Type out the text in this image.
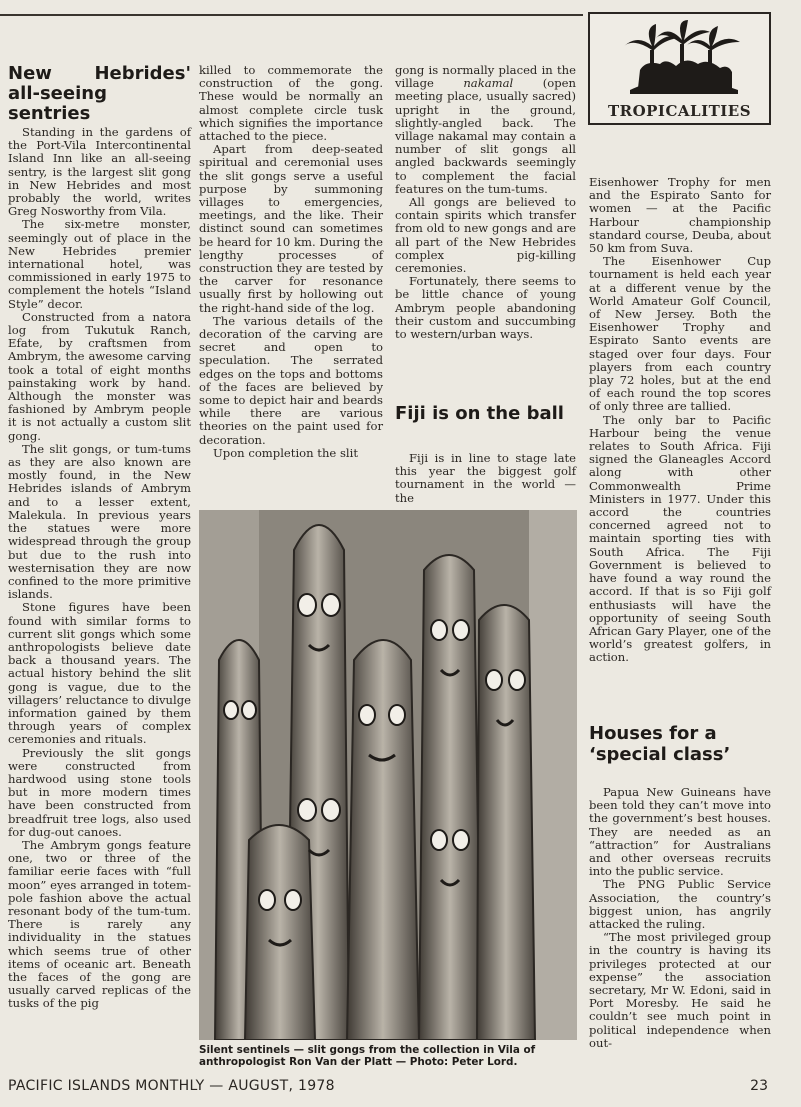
New Hebrides' all-seeing sentries

Standing in the gardens of the Port-Vila Intercontinental Island Inn like an all-seeing sentry, is the largest slit gong in New Hebrides and most probably the world, writes Greg Nosworthy from Vila.

The six-metre monster, seemingly out of place in the New Hebrides premier international hotel, was commissioned in early 1975 to complement the hotels “Island Style” decor.

Constructed from a natora log from Tukutuk Ranch, Efate, by craftsmen from Ambrym, the awesome carving took a total of eight months painstaking work by hand. Although the monster was fashioned by Ambrym people it is not actually a custom slit gong.

The slit gongs, or tum-tums as they are also known are mostly found, in the New Hebrides islands of Ambrym and to a lesser extent, Malekula. In previous years the statues were more widespread through the group but due to the rush into westernisation they are now confined to the more primitive islands.

Stone figures have been found with similar forms to current slit gongs which some anthropologists believe date back a thousand years. The actual history behind the slit gong is vague, due to the villagers’ reluctance to divulge information gained by them through years of complex ceremonies and rituals.

Previously the slit gongs were constructed from hardwood using stone tools but in more modern times have been constructed from breadfruit tree logs, also used for dug-out canoes.

The Ambrym gongs feature one, two or three of the familiar eerie faces with “full moon” eyes arranged in totem-pole fashion above the actual resonant body of the tum-tum. There is rarely any individuality in the statues which seems true of other items of oceanic art. Beneath the faces of the gong are usually carved replicas of the tusks of the pig

killed to commemorate the construction of the gong. These would be normally an almost complete circle tusk which signifies the importance attached to the piece.

Apart from deep-seated spiritual and ceremonial uses the slit gongs serve a useful purpose by summoning villages to emergencies, meetings, and the like. Their distinct sound can sometimes be heard for 10 km. During the lengthy processes of construction they are tested by the carver for resonance usually first by hollowing out the right-hand side of the log.

The various details of the decoration of the carving are secret and open to speculation. The serrated edges on the tops and bottoms of the faces are believed by some to depict hair and beards while there are various theories on the paint used for decoration.

Upon completion the slit

gong is normally placed in the village nakamal (open meeting place, usually sacred) upright in the ground, slightly-angled back. The village nakamal may contain a number of slit gongs all angled backwards seemingly to complement the facial features on the tum-tums.

All gongs are believed to contain spirits which transfer from old to new gongs and are all part of the New Hebrides complex pig-killing ceremonies.

Fortunately, there seems to be little chance of young Ambrym people abandoning their custom and succumbing to western/urban ways.

Fiji is on the ball

Fiji is in line to stage late this year the biggest golf tournament in the world — the

TROPICALITIES

Eisenhower Trophy for men and the Espirato Santo for women — at the Pacific Harbour championship standard course, Deuba, about 50 km from Suva.

The Eisenhower Cup tournament is held each year at a different venue by the World Amateur Golf Council, of New Jersey. Both the Eisenhower Trophy and Espirato Santo events are staged over four days. Four players from each country play 72 holes, but at the end of each round the top scores of only three are tallied.

The only bar to Pacific Harbour being the venue relates to South Africa. Fiji signed the Glaneagles Accord along with other Commonwealth Prime Ministers in 1977. Under this accord the countries concerned agreed not to maintain sporting ties with South Africa. The Fiji Government is believed to have found a way round the accord. If that is so Fiji golf enthusiasts will have the opportunity of seeing South African Gary Player, one of the world’s greatest golfers, in action.

Houses for a ‘special class’

Papua New Guineans have been told they can’t move into the government’s best houses. They are needed as an “attraction” for Australians and other overseas recruits into the public service.

The PNG Public Service Association, the country’s biggest union, has angrily attacked the ruling.

“The most privileged group in the country is having its privileges protected at our expense” the association secretary, Mr W. Edoni, said in Port Moresby. He said he couldn’t see much point in political independence when out-

Silent sentinels — slit gongs from the collection in Vila of anthropologist Ron Van der Platt — Photo: Peter Lord.
PACIFIC ISLANDS MONTHLY — AUGUST, 1978	23
